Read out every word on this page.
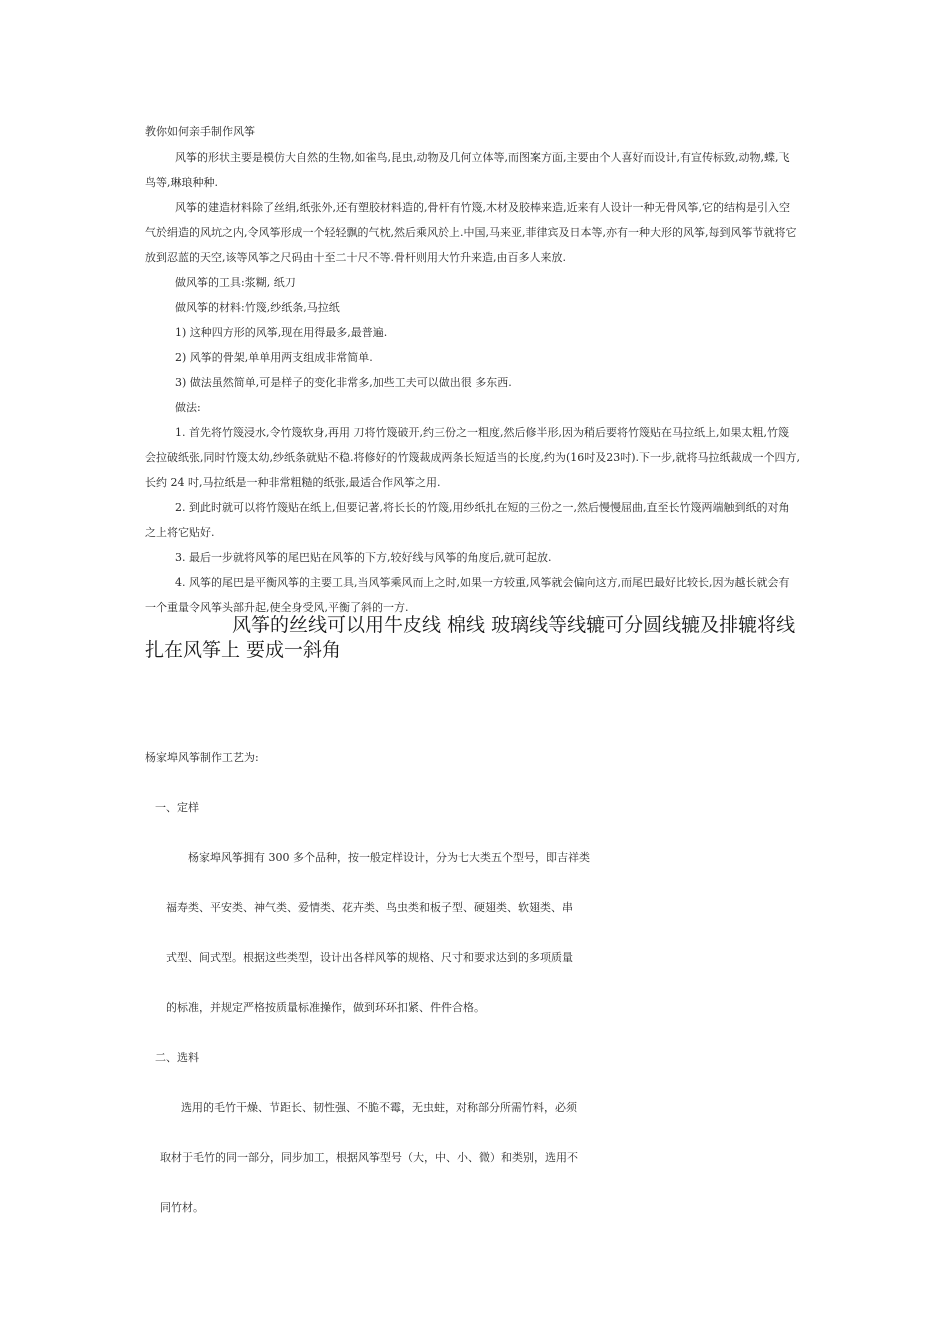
教你如何亲手制作风筝
风筝的形状主要是模仿大自然的生物,如雀鸟,昆虫,动物及几何立体等,而图案方面,主要由个人喜好而设计,有宣传标致,动物,蝶,飞
鸟等,琳琅种种.
风筝的建造材料除了丝绢,纸张外,还有塑胶材料造的,骨杆有竹篾,木材及胶棒来造,近来有人设计一种无骨风筝,它的结构是引入空
气於绢造的风坑之内,令风筝形成一个轻轻飘的气枕,然后乘风於上.中国,马来亚,菲律宾及日本等,亦有一种大形的风筝,每到风筝节就将它
放到忍蓝的天空,该等风筝之尺码由十至二十尺不等.骨杆则用大竹升来造,由百多人来放.
做风筝的工具:浆糊, 纸刀
做风筝的材料:竹篾,纱纸条,马拉纸
1) 这种四方形的风筝,现在用得最多,最普遍.
2) 风筝的骨架,单单用两支组成非常简单.
3) 做法虽然简单,可是样子的变化非常多,加些工夫可以做出很 多东西.
做法:
1. 首先将竹篾浸水,令竹篾软身,再用 刀将竹篾破开,约三份之一粗度,然后修半形,因为稍后要将竹篾贴在马拉纸上,如果太粗,竹篾
会拉破纸张,同时竹篾太幼,纱纸条就贴不稳.将修好的竹篾裁成两条长短适当的长度,约为(16吋及23吋).下一步,就将马拉纸裁成一个四方,
长约 24 吋,马拉纸是一种非常粗糙的纸张,最适合作风筝之用.
2. 到此时就可以将竹篾贴在纸上,但要记著,将长长的竹篾,用纱纸扎在短的三份之一,然后慢慢屈曲,直至长竹篾两端触到纸的对角
之上将它贴好.
3. 最后一步就将风筝的尾巴贴在风筝的下方,较好线与风筝的角度后,就可起放.
4. 风筝的尾巴是平衡风筝的主要工具,当风筝乘风而上之时,如果一方较重,风筝就会偏向这方,而尾巴最好比较长,因为越长就会有
一个重量令风筝头部升起,使全身受风,平衡了斜的一方.
风筝的丝线可以用牛皮线 棉线 玻璃线等线辘可分圆线辘及排辘将线
扎在风筝上 要成一斜角
杨家埠风筝制作工艺为:
一、定样
杨家埠风筝拥有 300 多个品种，按一般定样设计，分为七大类五个型号，即吉祥类
福寿类、平安类、神气类、爱情类、花卉类、鸟虫类和板子型、硬翅类、软翅类、串
式型、间式型。根据这些类型，设计出各样风筝的规格、尺寸和要求达到的多项质量
的标准，并规定严格按质量标准操作，做到环环扣紧、件件合格。
二、选料
选用的毛竹干燥、节距长、韧性强、不脆不霉，无虫蛀，对称部分所需竹料，必须
取材于毛竹的同一部分，同步加工，根据风筝型号（大，中、小、微）和类别，选用不
同竹材。
